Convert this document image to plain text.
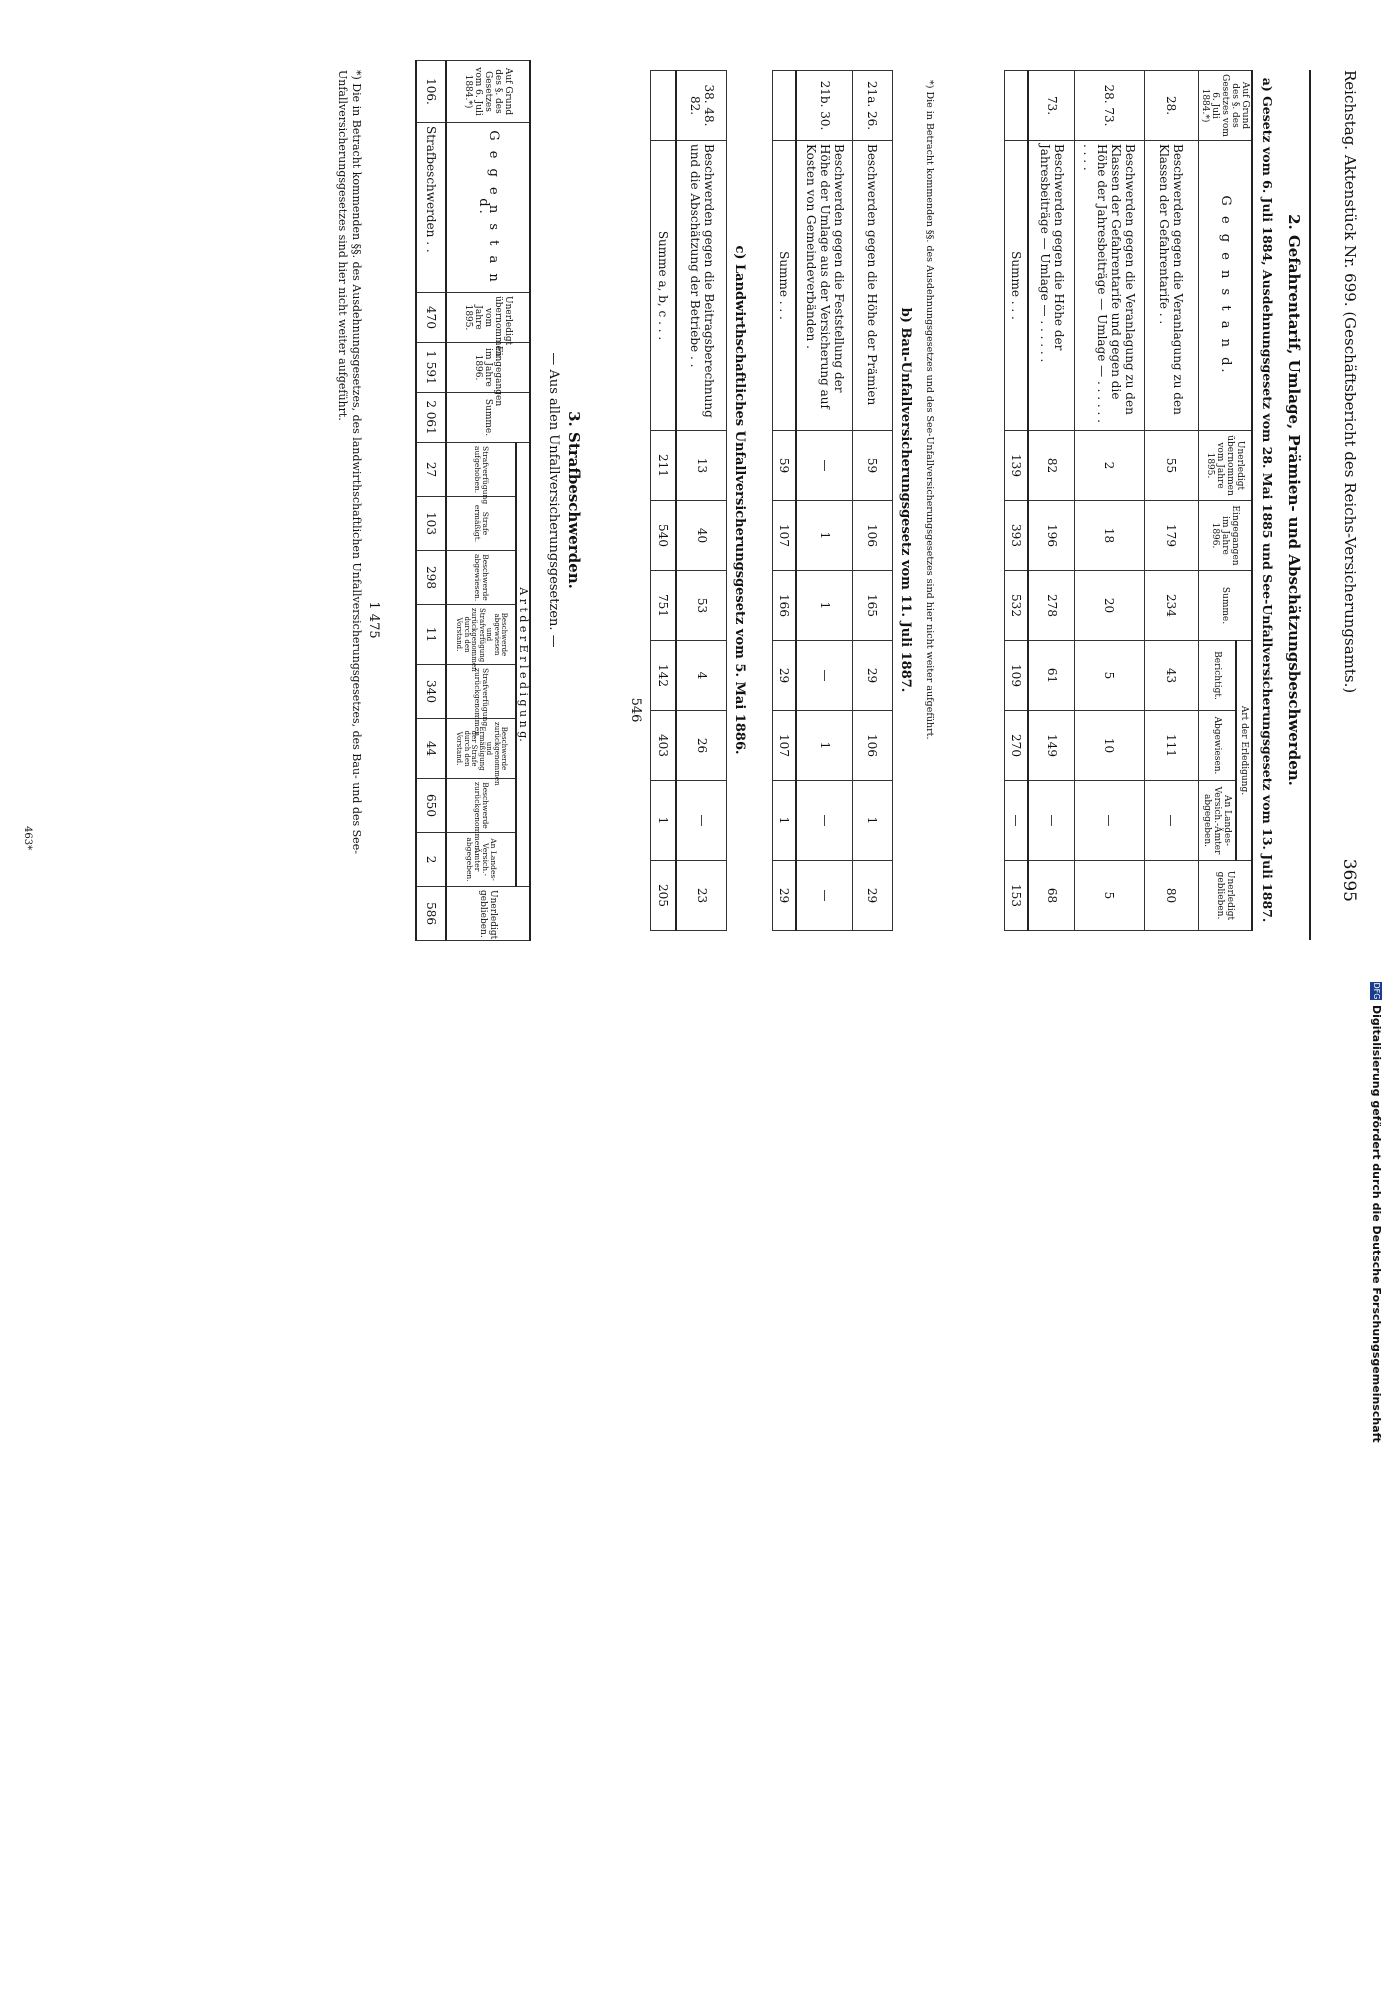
Reichstag. Aktenstück Nr. 699. (Geschäftsbericht des Reichs-Versicherungsamts.)
3695
2. Gefahrentarif, Umlage, Prämien- und Abschätzungsbeschwerden.
a) Gesetz vom 6. Juli 1884, Ausdehnungsgesetz vom 28. Mai 1885 und See-Unfallversicherungsgesetz vom 13. Juli 1887.
Auf Grund des §. des Gesetzes vom 6. Juli 1884.*)	G e g e n s t a n d.	Unerledigt übernommen vom Jahre 1895.	Eingegangen im Jahre 1896.	Summe.	Art der Erledigung.			Unerledigt geblieben.
					Berichtigt.	Abgewiesen.	An Landes-Versich.-Ämter abgegeben.	
28.	Beschwerden gegen die Veranlagung zu den Klassen der Gefahrentarife . .	55	179	234	43	111	—	80
28. 73.	Beschwerden gegen die Veranlagung zu den Klassen der Gefahrentarife und gegen die Höhe der Jahresbeiträge — Umlage — . . . . . . . . . .	2	18	20	5	10	—	5
73.	Beschwerden gegen die Höhe der Jahresbeiträge — Umlage — . . . . . .	82	196	278	61	149	—	68
	Summe . . .	139	393	532	109	270	—	153
*) Die in Betracht kommenden §§. des Ausdehnungsgesetzes und des See-Unfallversicherungsgesetzes sind hier nicht weiter aufgeführt.
b) Bau-Unfallversicherungsgesetz vom 11. Juli 1887.
21a. 26.	Beschwerden gegen die Höhe der Prämien	59	106	165	29	106	1	29
21b. 30.	Beschwerden gegen die Feststellung der Höhe der Umlage aus der Versicherung auf Kosten von Gemeindeverbänden .	—	1	1	—	1	—	—
	Summe . . .	59	107	166	29	107	1	29
c) Landwirthschaftliches Unfallversicherungsgesetz vom 5. Mai 1886.
38. 48. 82.	Beschwerden gegen die Beitragsberechnung und die Abschätzung der Betriebe . .	13	40	53	4	26	—	23
	Summe a, b, c . . .	211	540	751	142	403	1	205
546
3. Strafbeschwerden.
— Aus allen Unfallversicherungsgesetzen. —
Auf Grund des §. des Gesetzes vom 6. Juli 1884.*)	G e g e n s t a n d.	Unerledigt übernommen vom Jahre 1895.	Eingegangen im Jahre 1896.	Summe.	A r t d e r E r l e d i g u n g.								Unerledigt geblieben.
					Strafverfügung aufgehoben.	Strafe ermäßigt.	Beschwerde abgewiesen.	Beschwerde abgewiesen und Strafverfügung zurückgenommen durch den Vorstand.	Strafverfügung zurückgenommen.	Beschwerde zurückgenommen und Ermäßigung der Strafe durch den Vorstand.	Beschwerde zurückgenommen.	An Landes-Versich.-Ämter abgegeben.	
106.	Strafbeschwerden . .	470	1 591	2 061	27	103	298	11	340	44	650	2	586
1 475
*) Die in Betracht kommenden §§. des Ausdehnungsgesetzes, des landwirthschaftlichen Unfallversicherungsgesetzes, des Bau- und des See-Unfallversicherungsgesetzes sind hier nicht weiter aufgeführt.
463*
DFG
Digitalisierung gefördert durch die Deutsche Forschungsgemeinschaft
